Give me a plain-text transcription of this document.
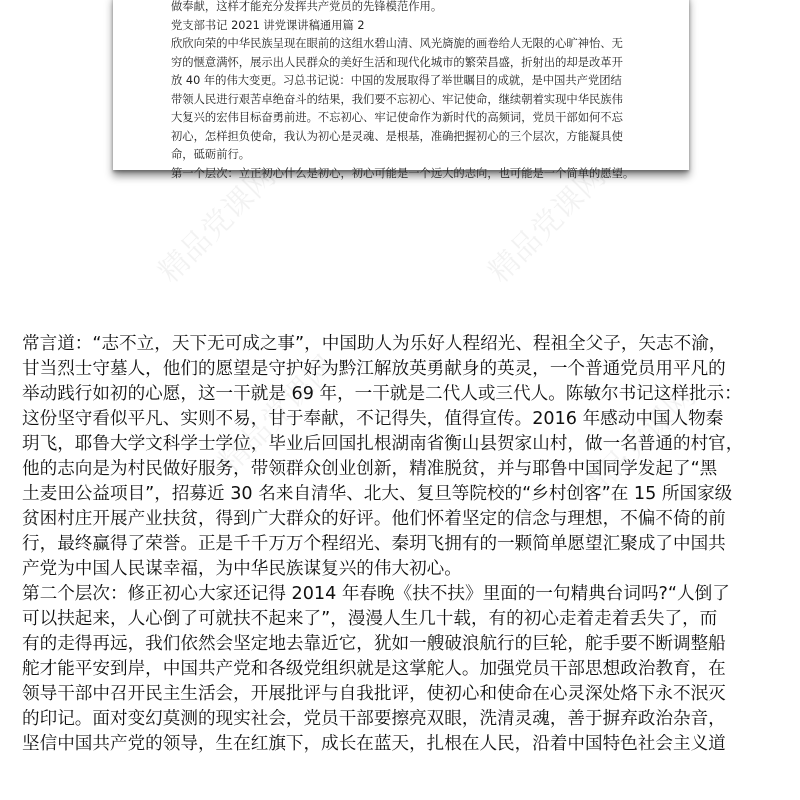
精品党课网	精品党课网
精品党课网	精品党课网
做奉献，这样才能充分发挥共产党员的先锋模范作用。
党支部书记 2021 讲党课讲稿通用篇 2
欣欣向荣的中华民族呈现在眼前的这组水碧山清、风光旖旎的画卷给人无限的心旷神怡、无
穷的惬意满怀，展示出人民群众的美好生活和现代化城市的繁荣昌盛，折射出的却是改革开
放 40 年的伟大变更。习总书记说：中国的发展取得了举世瞩目的成就，是中国共产党团结
带领人民进行艰苦卓绝奋斗的结果，我们要不忘初心、牢记使命，继续朝着实现中华民族伟
大复兴的宏伟目标奋勇前进。不忘初心、牢记使命作为新时代的高频词，党员干部如何不忘
初心，怎样担负使命，我认为初心是灵魂、是根基，准确把握初心的三个层次，方能凝具使
命，砥砺前行。
第一个层次：立正初心什么是初心，初心可能是一个远大的志向，也可能是一个简单的愿望。
常言道：“志不立，天下无可成之事”，中国助人为乐好人程绍光、程祖全父子，矢志不渝，
甘当烈士守墓人，他们的愿望是守护好为黔江解放英勇献身的英灵，一个普通党员用平凡的
举动践行如初的心愿，这一干就是 69 年，一干就是二代人或三代人。陈敏尔书记这样批示：
这份坚守看似平凡、实则不易，甘于奉献，不记得失，值得宣传。2016 年感动中国人物秦
玥飞，耶鲁大学文科学士学位，毕业后回国扎根湖南省衡山县贺家山村，做一名普通的村官，
他的志向是为村民做好服务，带领群众创业创新，精准脱贫，并与耶鲁中国同学发起了“黑
土麦田公益项目”，招募近 30 名来自清华、北大、复旦等院校的“乡村创客”在 15 所国家级
贫困村庄开展产业扶贫，得到广大群众的好评。他们怀着坚定的信念与理想，不偏不倚的前
行，最终赢得了荣誉。正是千千万万个程绍光、秦玥飞拥有的一颗简单愿望汇聚成了中国共
产党为中国人民谋幸福，为中华民族谋复兴的伟大初心。
第二个层次：修正初心大家还记得 2014 年春晚《扶不扶》里面的一句精典台词吗?“人倒了
可以扶起来，人心倒了可就扶不起来了”，漫漫人生几十载，有的初心走着走着丢失了，而
有的走得再远，我们依然会坚定地去靠近它，犹如一艘破浪航行的巨轮，舵手要不断调整船
舵才能平安到岸，中国共产党和各级党组织就是这掌舵人。加强党员干部思想政治教育，在
领导干部中召开民主生活会，开展批评与自我批评，使初心和使命在心灵深处烙下永不泯灭
的印记。面对变幻莫测的现实社会，党员干部要擦亮双眼，洗清灵魂，善于摒弃政治杂音，
坚信中国共产党的领导，生在红旗下，成长在蓝天，扎根在人民，沿着中国特色社会主义道
